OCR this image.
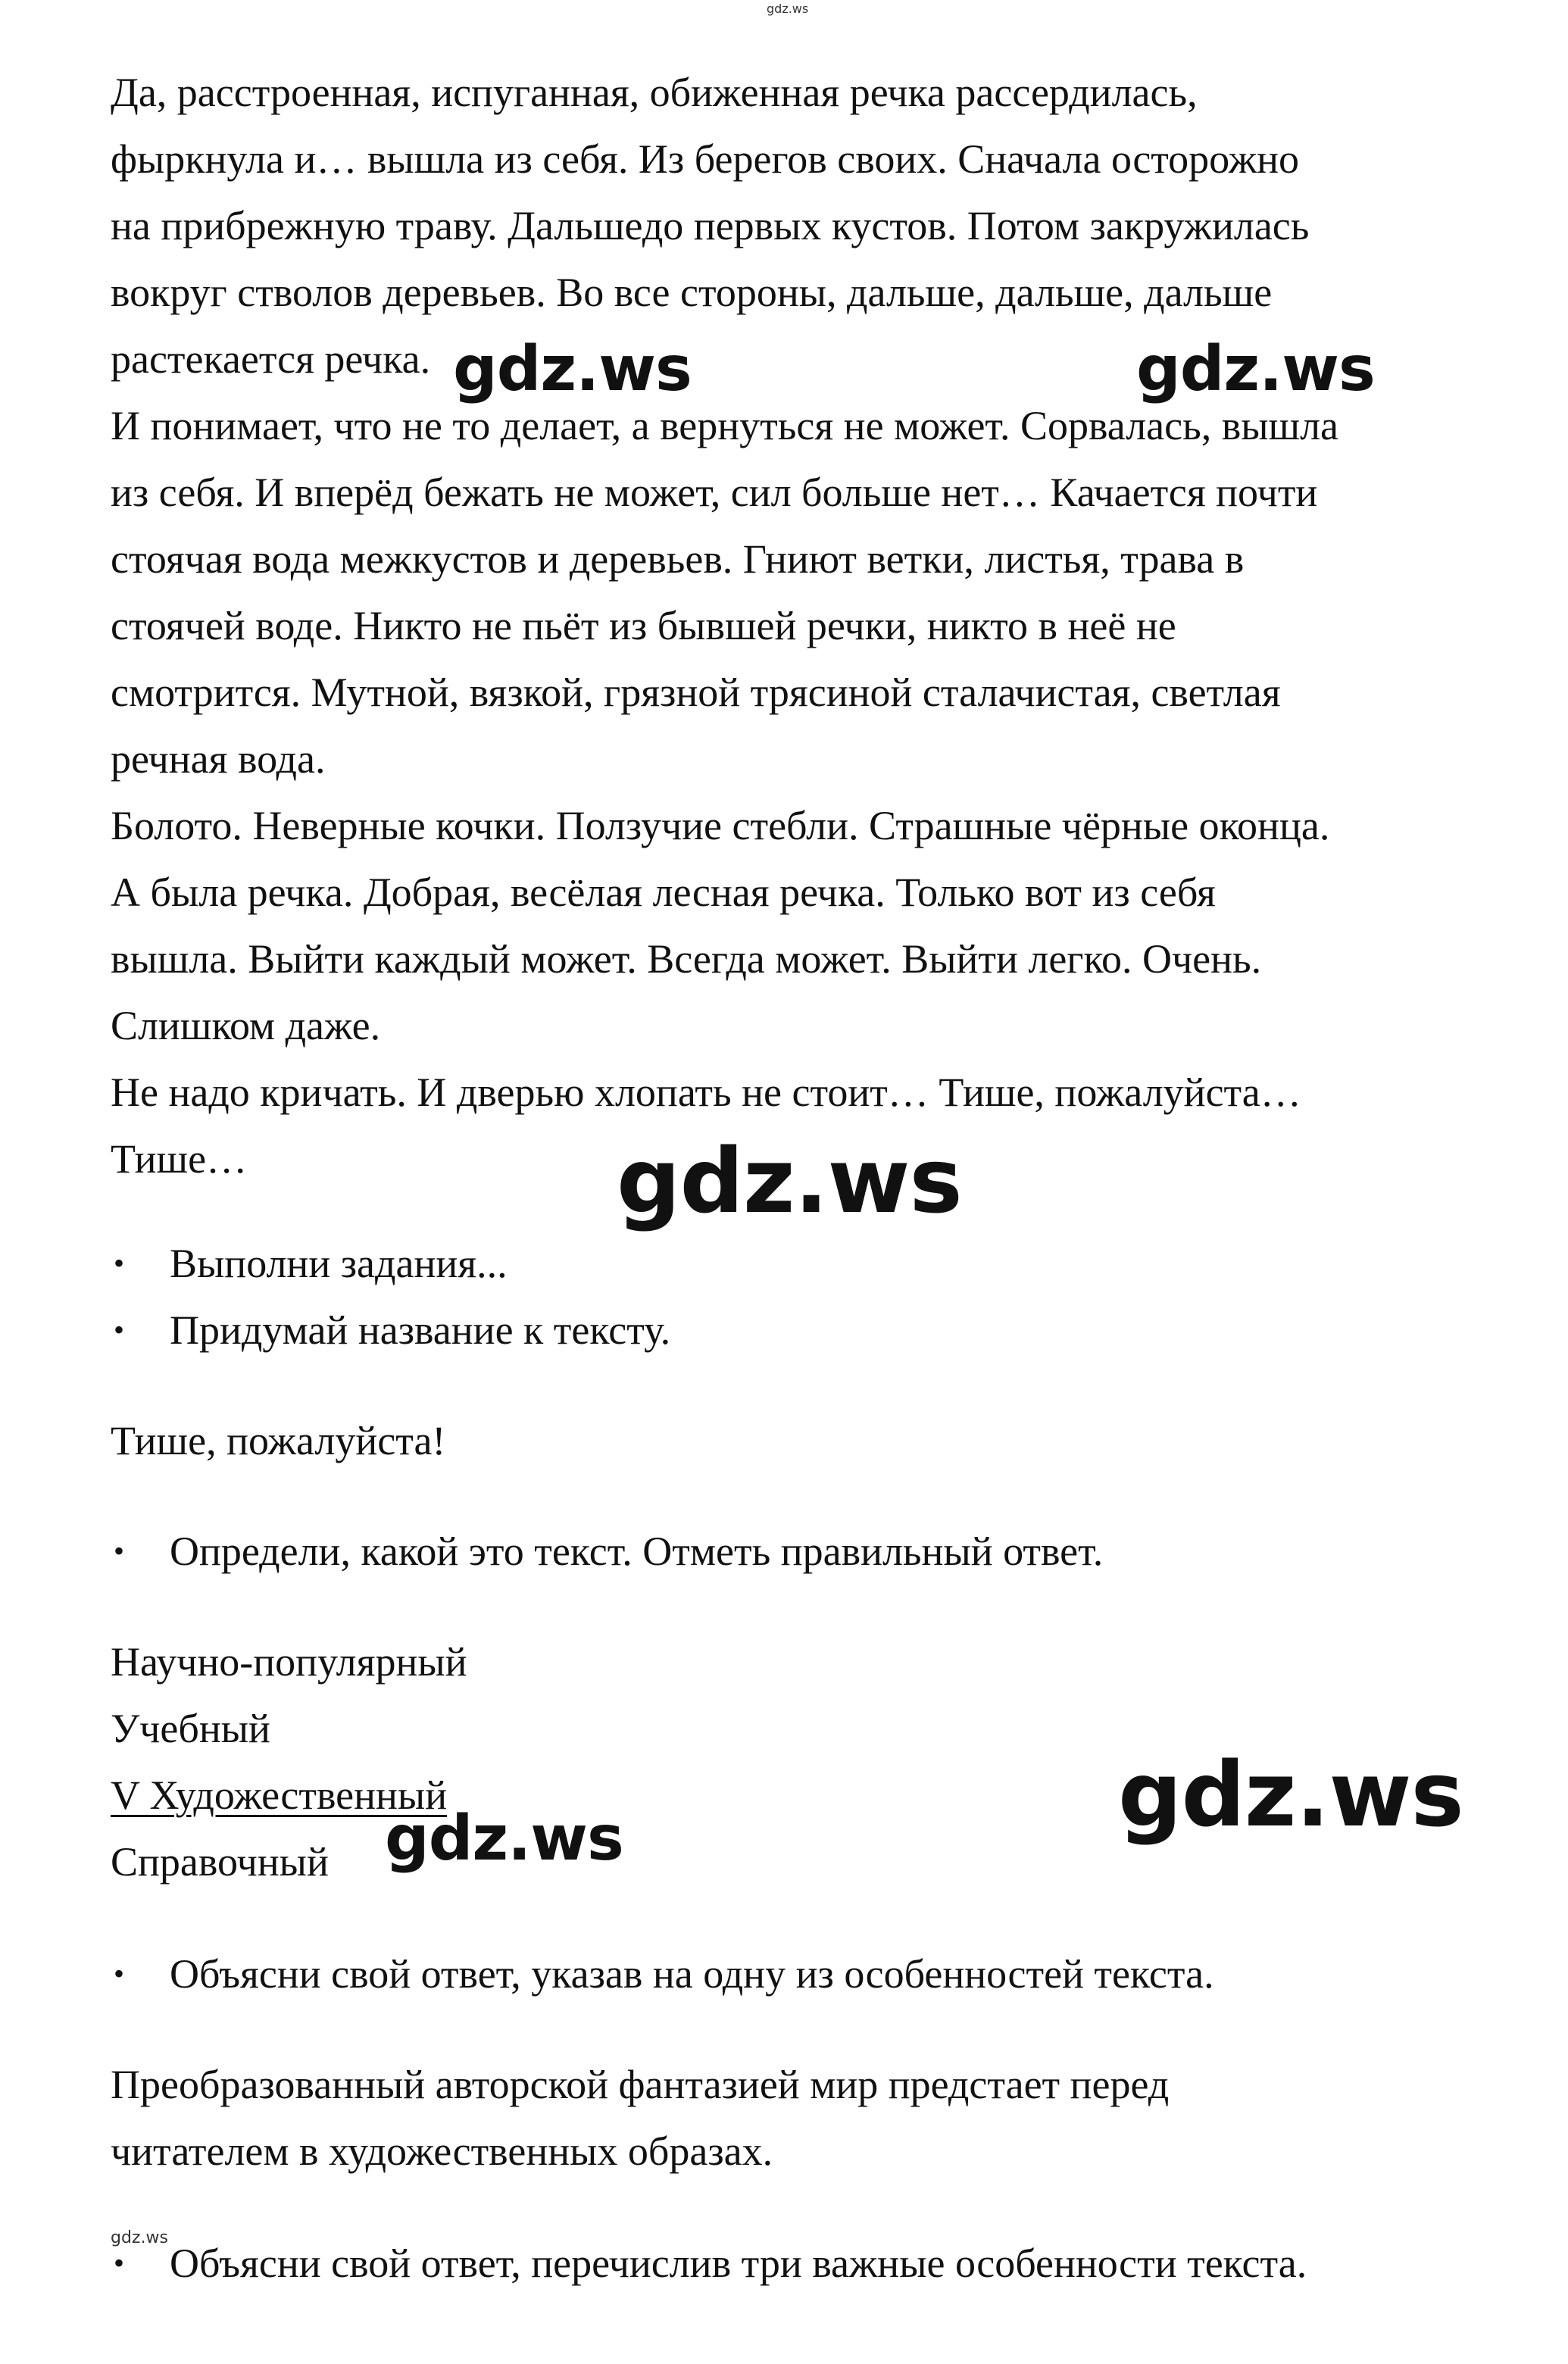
gdz.ws
Да, расстроенная, испуганная, обиженная речка рассердилась,
фыркнула и… вышла из себя. Из берегов своих. Сначала осторожно
на прибрежную траву. Дальшедо первых кустов. Потом закружилась
вокруг стволов деревьев. Во все стороны, дальше, дальше, дальше
растекается речка.
И понимает, что не то делает, а вернуться не может. Сорвалась, вышла
из себя. И вперёд бежать не может, сил больше нет… Качается почти
стоячая вода межкустов и деревьев. Гниют ветки, листья, трава в
стоячей воде. Никто не пьёт из бывшей речки, никто в неё не
смотрится. Мутной, вязкой, грязной трясиной сталачистая, светлая
речная вода.
Болото. Неверные кочки. Ползучие стебли. Страшные чёрные оконца.
А была речка. Добрая, весёлая лесная речка. Только вот из себя
вышла. Выйти каждый может. Всегда может. Выйти легко. Очень.
Слишком даже.
Не надо кричать. И дверью хлопать не стоит… Тише, пожалуйста…
Тише…
• Выполни задания...
• Придумай название к тексту.
Тише, пожалуйста!
• Определи, какой это текст. Отметь правильный ответ.
Научно-популярный
Учебный
V Художественный
Справочный
• Объясни свой ответ, указав на одну из особенностей текста.
Преобразованный авторской фантазией мир предстает перед
читателем в художественных образах.
• Объясни свой ответ, перечислив три важные особенности текста.
gdz.ws	gdz.ws
gdz.ws
gdz.ws
gdz.ws
gdz.ws
